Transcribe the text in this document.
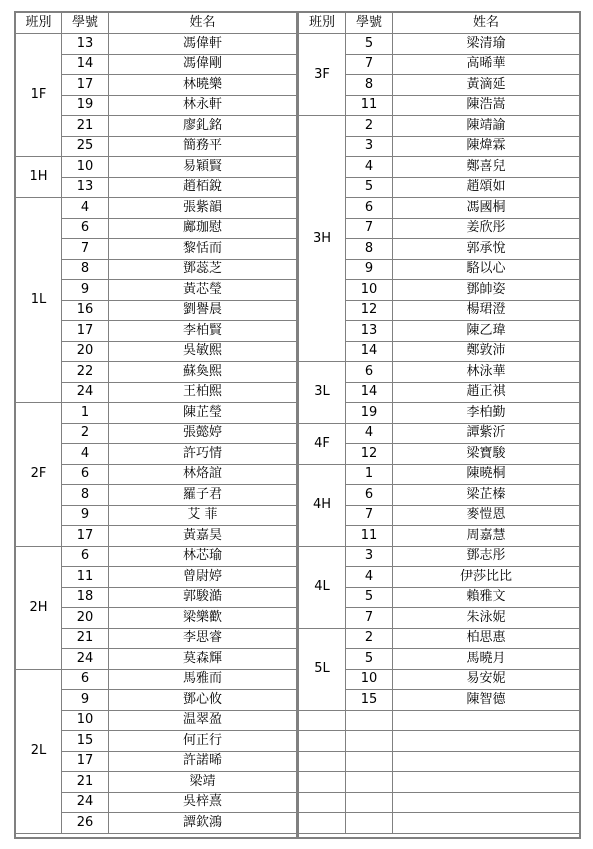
班別	學號	姓名
1F	13	馮偉軒
	14	馮偉剛
	17	林曉樂
	19	林永軒
	21	廖釓銘
	25	簡務平
1H	10	易穎賢
	13	趙栢銳
1L	4	張紫韻
	6	鄺珈慰
	7	黎恬而
	8	鄧蕊芝
	9	黃芯瑩
	16	劉譽晨
	17	李柏賢
	20	吳敏熙
	22	蘇奐熙
	24	王柏熙
2F	1	陳芷瑩
	2	張懿婷
	4	許巧情
	6	林烙誼
	8	羅子君
	9	艾 菲
	17	黃嘉昊
2H	6	林芯瑜
	11	曾尉婷
	18	郭駿澔
	20	梁樂歡
	21	李思睿
	24	莫森輝
2L	6	馬雅而
	9	鄧心攸
	10	温翠盈
	15	何正行
	17	許諾晞
	21	梁靖
	24	吳梓熹
	26	譚欽鴻
班別	學號	姓名
3F	5	梁清瑜
	7	高晞華
	8	黃滴延
	11	陳浩嵩
3H	2	陳靖諭
	3	陳煒霖
	4	鄭喜兒
	5	趙頌如
	6	馮國桐
	7	姜欣彤
	8	郭承悅
	9	駱以心
	10	鄧帥姿
	12	楊珺澄
	13	陳乙瑋
	14	鄭敦沛
3L	6	林泳華
	14	趙正祺
	19	李柏勤
4F	4	譚紫沂
	12	梁寶駿
4H	1	陳曉桐
	6	梁芷榛
	7	麥愷恩
	11	周嘉慧
4L	3	鄧志彤
	4	伊莎比比
	5	賴雅文
	7	朱泳妮
5L	2	柏思惠
	5	馬曉月
	10	易安妮
	15	陳智德
